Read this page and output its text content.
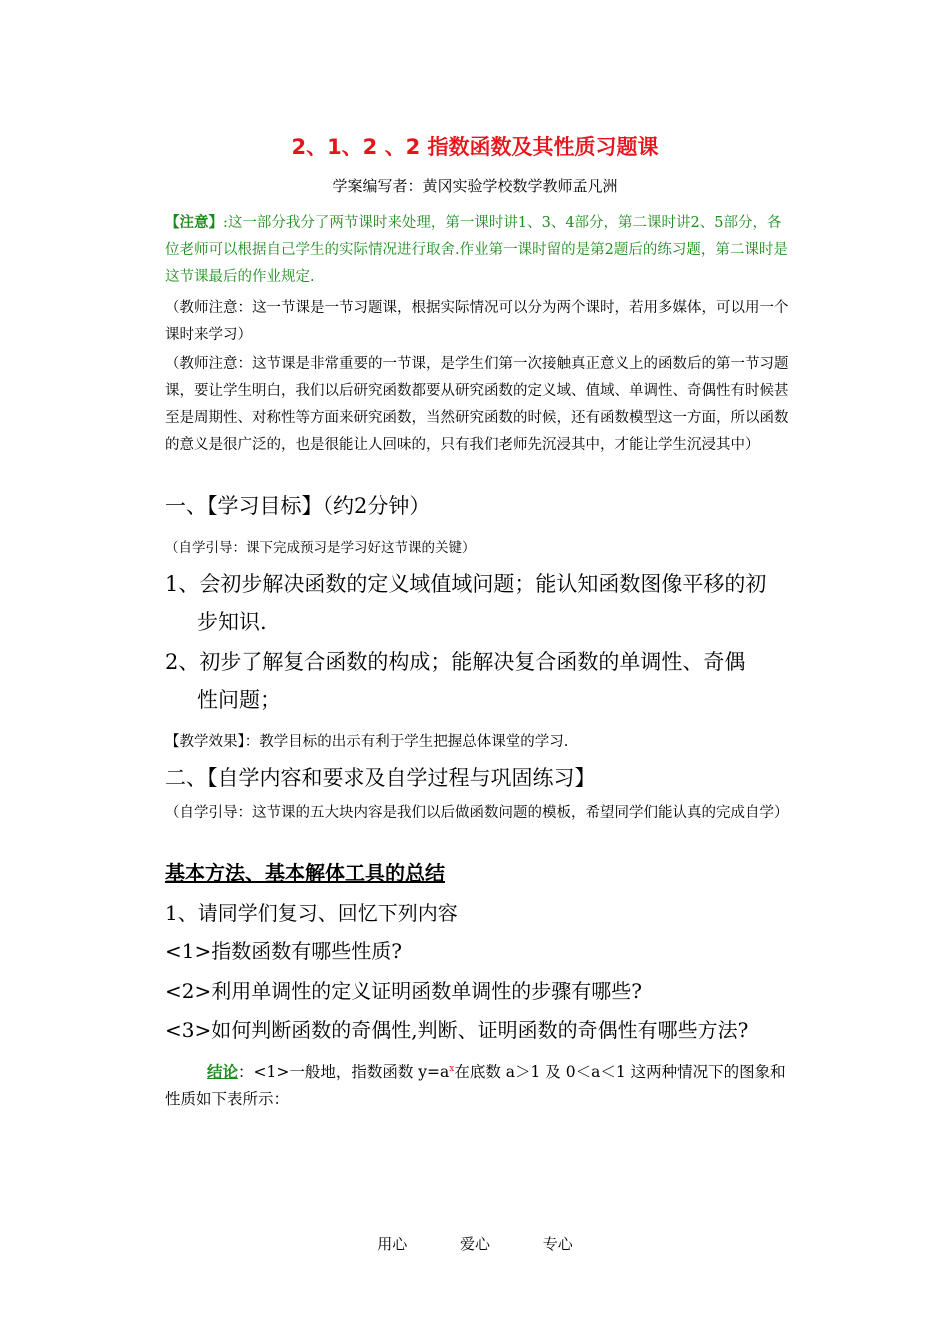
2、1、2 、2 指数函数及其性质习题课
学案编写者：黄冈实验学校数学教师孟凡洲
【注意】:这一部分我分了两节课时来处理，第一课时讲1、3、4部分，第二课时讲2、5部分，各位老师可以根据自己学生的实际情况进行取舍.作业第一课时留的是第2题后的练习题，第二课时是这节课最后的作业规定.
（教师注意：这一节课是一节习题课，根据实际情况可以分为两个课时，若用多媒体，可以用一个课时来学习）
（教师注意：这节课是非常重要的一节课，是学生们第一次接触真正意义上的函数后的第一节习题课，要让学生明白，我们以后研究函数都要从研究函数的定义域、值域、单调性、奇偶性有时候甚至是周期性、对称性等方面来研究函数，当然研究函数的时候，还有函数模型这一方面，所以函数的意义是很广泛的，也是很能让人回味的，只有我们老师先沉浸其中，才能让学生沉浸其中）
一、【学习目标】（约2分钟）
（自学引导：课下完成预习是学习好这节课的关键）
1、会初步解决函数的定义域值域问题；能认知函数图像平移的初
步知识.
2、初步了解复合函数的构成；能解决复合函数的单调性、奇偶
性问题；
【教学效果】：教学目标的出示有利于学生把握总体课堂的学习.
二、【自学内容和要求及自学过程与巩固练习】
（自学引导：这节课的五大块内容是我们以后做函数问题的模板，希望同学们能认真的完成自学）
基本方法、基本解体工具的总结
1、请同学们复习、回忆下列内容
<1>指数函数有哪些性质?
<2>利用单调性的定义证明函数单调性的步骤有哪些?
<3>如何判断函数的奇偶性,判断、证明函数的奇偶性有哪些方法?
结论：<1>一般地，指数函数 $y=a^x$在底数 a＞1 及 0＜a＜1 这两种情况下的图象和性质如下表所示：
用心	爱心	专心
